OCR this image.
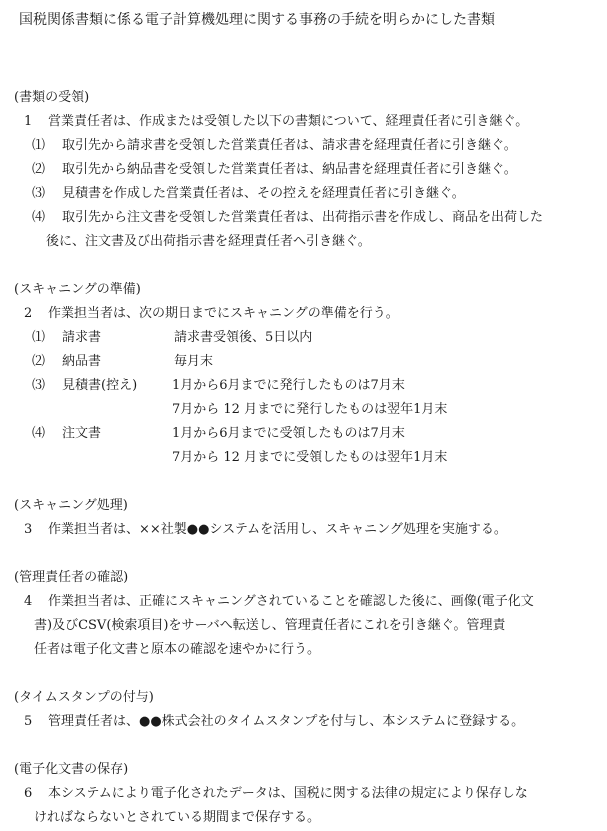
国税関係書類に係る電子計算機処理に関する事務の手続を明らかにした書類
(書類の受領)
1 営業責任者は、作成または受領した以下の書類について、経理責任者に引き継ぐ。
⑴ 取引先から請求書を受領した営業責任者は、請求書を経理責任者に引き継ぐ。
⑵ 取引先から納品書を受領した営業責任者は、納品書を経理責任者に引き継ぐ。
⑶ 見積書を作成した営業責任者は、その控えを経理責任者に引き継ぐ。
⑷ 取引先から注文書を受領した営業責任者は、出荷指示書を作成し、商品を出荷した
後に、注文書及び出荷指示書を経理責任者へ引き継ぐ。
(スキャニングの準備)
2 作業担当者は、次の期日までにスキャニングの準備を行う。
⑴ 請求書	請求書受領後、5日以内
⑵ 納品書	毎月末
⑶ 見積書(控え)	1月から6月までに発行したものは7月末
7月から 12 月までに発行したものは翌年1月末
⑷ 注文書	1月から6月までに受領したものは7月末
7月から 12 月までに受領したものは翌年1月末
(スキャニング処理)
3 作業担当者は、××社製●●システムを活用し、スキャニング処理を実施する。
(管理責任者の確認)
4 作業担当者は、正確にスキャニングされていることを確認した後に、画像(電子化文
書)及びCSV(検索項目)をサーバへ転送し、管理責任者にこれを引き継ぐ。管理責
任者は電子化文書と原本の確認を速やかに行う。
(タイムスタンプの付与)
5 管理責任者は、●●株式会社のタイムスタンプを付与し、本システムに登録する。
(電子化文書の保存)
6 本システムにより電子化されたデータは、国税に関する法律の規定により保存しな
ければならないとされている期間まで保存する。
